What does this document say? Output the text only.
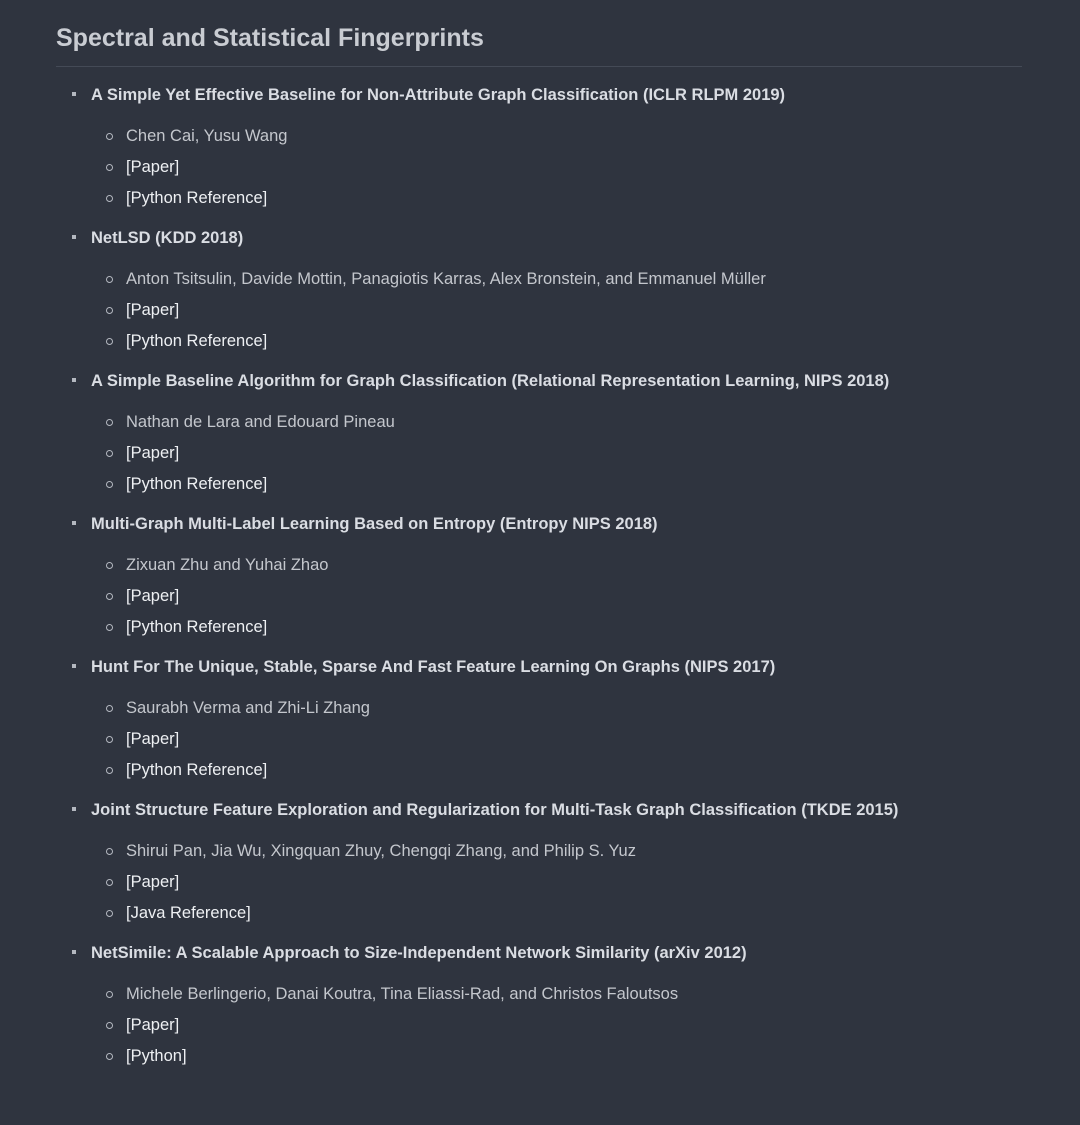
Spectral and Statistical Fingerprints
A Simple Yet Effective Baseline for Non-Attribute Graph Classification (ICLR RLPM 2019)
Chen Cai, Yusu Wang
[Paper]
[Python Reference]
NetLSD (KDD 2018)
Anton Tsitsulin, Davide Mottin, Panagiotis Karras, Alex Bronstein, and Emmanuel Müller
[Paper]
[Python Reference]
A Simple Baseline Algorithm for Graph Classification (Relational Representation Learning, NIPS 2018)
Nathan de Lara and Edouard Pineau
[Paper]
[Python Reference]
Multi-Graph Multi-Label Learning Based on Entropy (Entropy NIPS 2018)
Zixuan Zhu and Yuhai Zhao
[Paper]
[Python Reference]
Hunt For The Unique, Stable, Sparse And Fast Feature Learning On Graphs (NIPS 2017)
Saurabh Verma and Zhi-Li Zhang
[Paper]
[Python Reference]
Joint Structure Feature Exploration and Regularization for Multi-Task Graph Classification (TKDE 2015)
Shirui Pan, Jia Wu, Xingquan Zhuy, Chengqi Zhang, and Philip S. Yuz
[Paper]
[Java Reference]
NetSimile: A Scalable Approach to Size-Independent Network Similarity (arXiv 2012)
Michele Berlingerio, Danai Koutra, Tina Eliassi-Rad, and Christos Faloutsos
[Paper]
[Python]
